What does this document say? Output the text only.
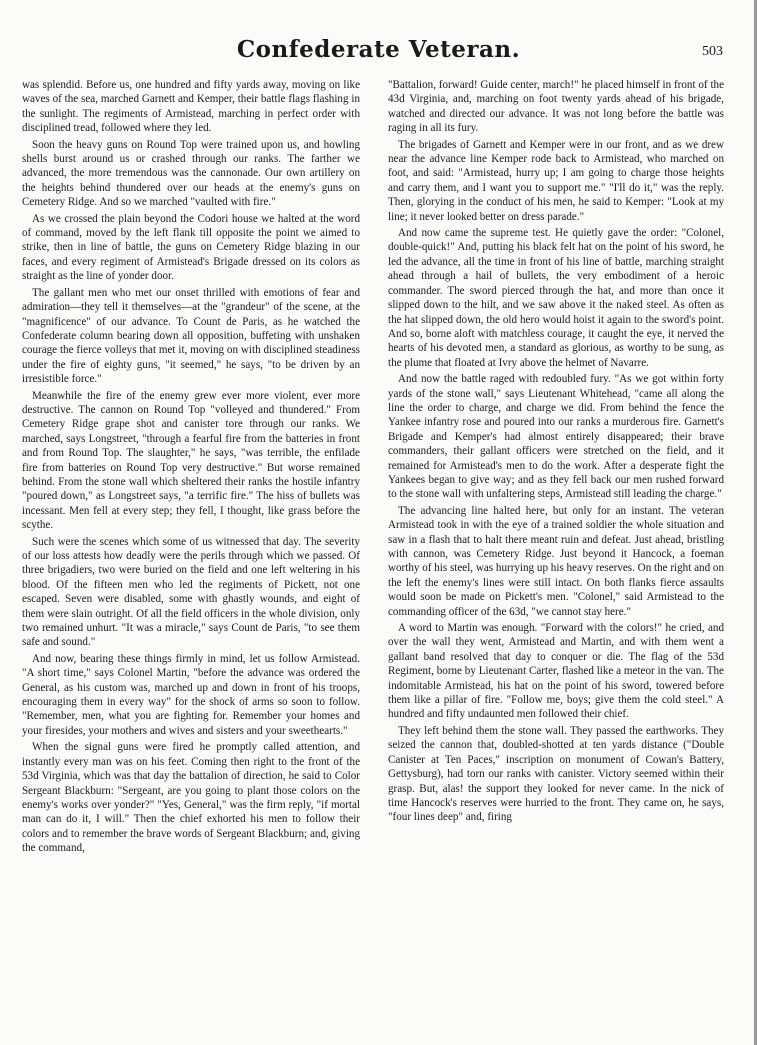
Confederate Veteran.	503

was splendid. Before us, one hundred and fifty yards away, moving on like waves of the sea, marched Garnett and Kemper, their battle flags flashing in the sunlight. The regiments of Armistead, marching in perfect order with disciplined tread, followed where they led.

Soon the heavy guns on Round Top were trained upon us, and howling shells burst around us or crashed through our ranks. The farther we advanced, the more tremendous was the cannonade. Our own artillery on the heights behind thundered over our heads at the enemy's guns on Cemetery Ridge. And so we marched "vaulted with fire."

As we crossed the plain beyond the Codori house we halted at the word of command, moved by the left flank till opposite the point we aimed to strike, then in line of battle, the guns on Cemetery Ridge blazing in our faces, and every regiment of Armistead's Brigade dressed on its colors as straight as the line of yonder door.

The gallant men who met our onset thrilled with emotions of fear and admiration—they tell it themselves—at the "grandeur" of the scene, at the "magnificence" of our advance. To Count de Paris, as he watched the Confederate column bearing down all opposition, buffeting with unshaken courage the fierce volleys that met it, moving on with disciplined steadiness under the fire of eighty guns, "it seemed," he says, "to be driven by an irresistible force."

Meanwhile the fire of the enemy grew ever more violent, ever more destructive. The cannon on Round Top "volleyed and thundered." From Cemetery Ridge grape shot and canister tore through our ranks. We marched, says Longstreet, "through a fearful fire from the batteries in front and from Round Top. The slaughter," he says, "was terrible, the enfilade fire from batteries on Round Top very destructive." But worse remained behind. From the stone wall which sheltered their ranks the hostile infantry "poured down," as Longstreet says, "a terrific fire." The hiss of bullets was incessant. Men fell at every step; they fell, I thought, like grass before the scythe.

Such were the scenes which some of us witnessed that day. The severity of our loss attests how deadly were the perils through which we passed. Of three brigadiers, two were buried on the field and one left weltering in his blood. Of the fifteen men who led the regiments of Pickett, not one escaped. Seven were disabled, some with ghastly wounds, and eight of them were slain outright. Of all the field officers in the whole division, only two remained unhurt. "It was a miracle," says Count de Paris, "to see them safe and sound."

And now, bearing these things firmly in mind, let us follow Armistead. "A short time," says Colonel Martin, "before the advance was ordered the General, as his custom was, marched up and down in front of his troops, encouraging them in every way" for the shock of arms so soon to follow. "Remember, men, what you are fighting for. Remember your homes and your firesides, your mothers and wives and sisters and your sweethearts."

When the signal guns were fired he promptly called attention, and instantly every man was on his feet. Coming then right to the front of the 53d Virginia, which was that day the battalion of direction, he said to Color Sergeant Blackburn: "Sergeant, are you going to plant those colors on the enemy's works over yonder?" "Yes, General," was the firm reply, "if mortal man can do it, I will." Then the chief exhorted his men to follow their colors and to remember the brave words of Sergeant Blackburn; and, giving the command,

"Battalion, forward! Guide center, march!" he placed himself in front of the 43d Virginia, and, marching on foot twenty yards ahead of his brigade, watched and directed our advance. It was not long before the battle was raging in all its fury.

The brigades of Garnett and Kemper were in our front, and as we drew near the advance line Kemper rode back to Armistead, who marched on foot, and said: "Armistead, hurry up; I am going to charge those heights and carry them, and I want you to support me." "I'll do it," was the reply. Then, glorying in the conduct of his men, he said to Kemper: "Look at my line; it never looked better on dress parade."

And now came the supreme test. He quietly gave the order: "Colonel, double-quick!" And, putting his black felt hat on the point of his sword, he led the advance, all the time in front of his line of battle, marching straight ahead through a hail of bullets, the very embodiment of a heroic commander. The sword pierced through the hat, and more than once it slipped down to the hilt, and we saw above it the naked steel. As often as the hat slipped down, the old hero would hoist it again to the sword's point. And so, borne aloft with matchless courage, it caught the eye, it nerved the hearts of his devoted men, a standard as glorious, as worthy to be sung, as the plume that floated at Ivry above the helmet of Navarre.

And now the battle raged with redoubled fury. "As we got within forty yards of the stone wall," says Lieutenant Whitehead, "came all along the line the order to charge, and charge we did. From behind the fence the Yankee infantry rose and poured into our ranks a murderous fire. Garnett's Brigade and Kemper's had almost entirely disappeared; their brave commanders, their gallant officers were stretched on the field, and it remained for Armistead's men to do the work. After a desperate fight the Yankees began to give way; and as they fell back our men rushed forward to the stone wall with unfaltering steps, Armistead still leading the charge."

The advancing line halted here, but only for an instant. The veteran Armistead took in with the eye of a trained soldier the whole situation and saw in a flash that to halt there meant ruin and defeat. Just ahead, bristling with cannon, was Cemetery Ridge. Just beyond it Hancock, a foeman worthy of his steel, was hurrying up his heavy reserves. On the right and on the left the enemy's lines were still intact. On both flanks fierce assaults would soon be made on Pickett's men. "Colonel," said Armistead to the commanding officer of the 63d, "we cannot stay here."

A word to Martin was enough. "Forward with the colors!" he cried, and over the wall they went, Armistead and Martin, and with them went a gallant band resolved that day to conquer or die. The flag of the 53d Regiment, borne by Lieutenant Carter, flashed like a meteor in the van. The indomitable Armistead, his hat on the point of his sword, towered before them like a pillar of fire. "Follow me, boys; give them the cold steel." A hundred and fifty undaunted men followed their chief.

They left behind them the stone wall. They passed the earthworks. They seized the cannon that, doubled-shotted at ten yards distance ("Double Canister at Ten Paces," inscription on monument of Cowan's Battery, Gettysburg), had torn our ranks with canister. Victory seemed within their grasp. But, alas! the support they looked for never came. In the nick of time Hancock's reserves were hurried to the front. They came on, he says, "four lines deep" and, firing
